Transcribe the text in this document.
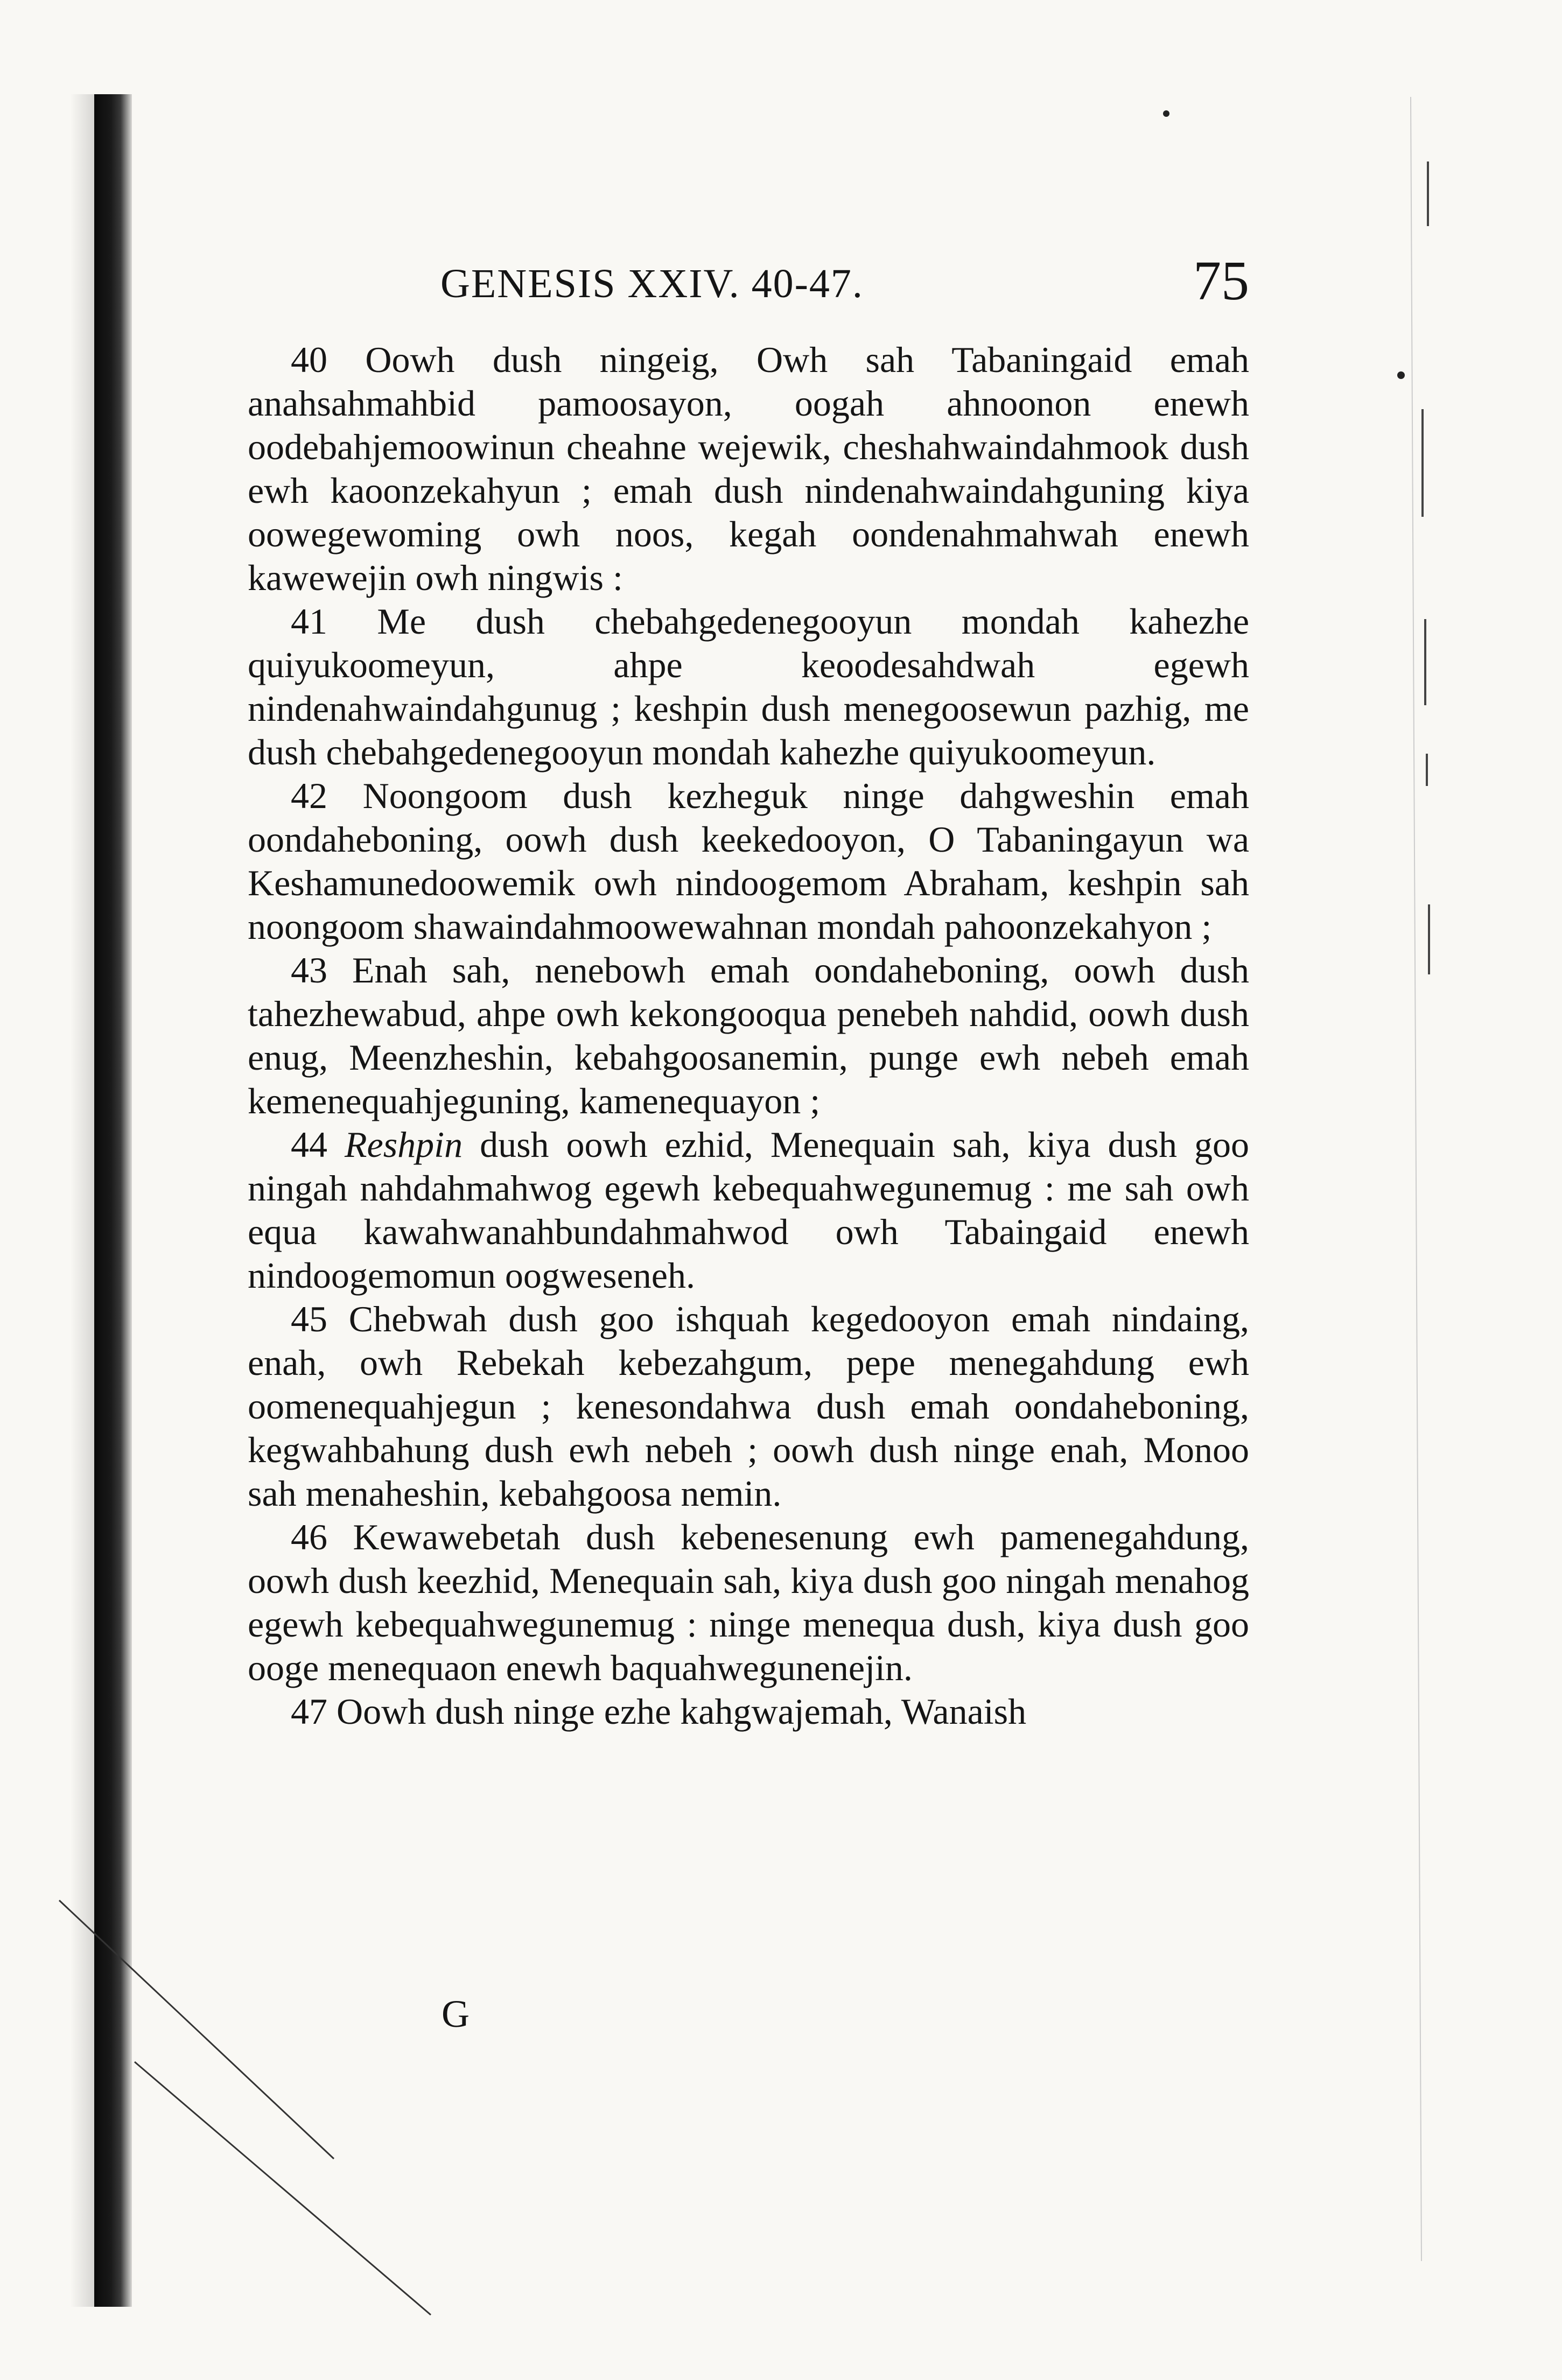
GENESIS XXIV. 40-47.	75

40 Oowh dush ningeig, Owh sah Tabaningaid emah anahsahmahbid pamoosayon, oogah ahnoonon enewh oodebahjemoowinun cheahne wejewik, cheshahwaindahmook dush ewh kaoonzekahyun ; emah dush nindenahwaindahguning kiya oowegewoming owh noos, kegah oondenahmahwah enewh kawewejin owh ningwis :

41 Me dush chebahgedenegooyun mondah kahezhe quiyukoomeyun, ahpe keoodesahdwah egewh nindenahwaindahgunug ; keshpin dush menegoosewun pazhig, me dush chebahgedenegooyun mondah kahezhe quiyukoomeyun.

42 Noongoom dush kezheguk ninge dahgweshin emah oondaheboning, oowh dush keekedooyon, O Tabaningayun wa Keshamunedoowemik owh nindoogemom Abraham, keshpin sah noongoom shawaindahmoowewahnan mondah pahoonzekahyon ;

43 Enah sah, nenebowh emah oondaheboning, oowh dush tahezhewabud, ahpe owh kekongooqua penebeh nahdid, oowh dush enug, Meenzheshin, kebahgoosanemin, punge ewh nebeh emah kemenequahjeguning, kamenequayon ;

44 Reshpin dush oowh ezhid, Menequain sah, kiya dush goo ningah nahdahmahwog egewh kebequahwegunemug : me sah owh equa kawahwanahbundahmahwod owh Tabaingaid enewh nindoogemomun oogweseneh.

45 Chebwah dush goo ishquah kegedooyon emah nindaing, enah, owh Rebekah kebezahgum, pepe menegahdung ewh oomenequahjegun ; kenesondahwa dush emah oondaheboning, kegwahbahung dush ewh nebeh ; oowh dush ninge enah, Monoo sah menaheshin, kebahgoosa nemin.

46 Kewawebetah dush kebenesenung ewh pamenegahdung, oowh dush keezhid, Menequain sah, kiya dush goo ningah menahog egewh kebequahwegunemug : ninge menequa dush, kiya dush goo ooge menequaon enewh baquahwegunenejin.

47 Oowh dush ninge ezhe kahgwajemah, Wanaish

G
